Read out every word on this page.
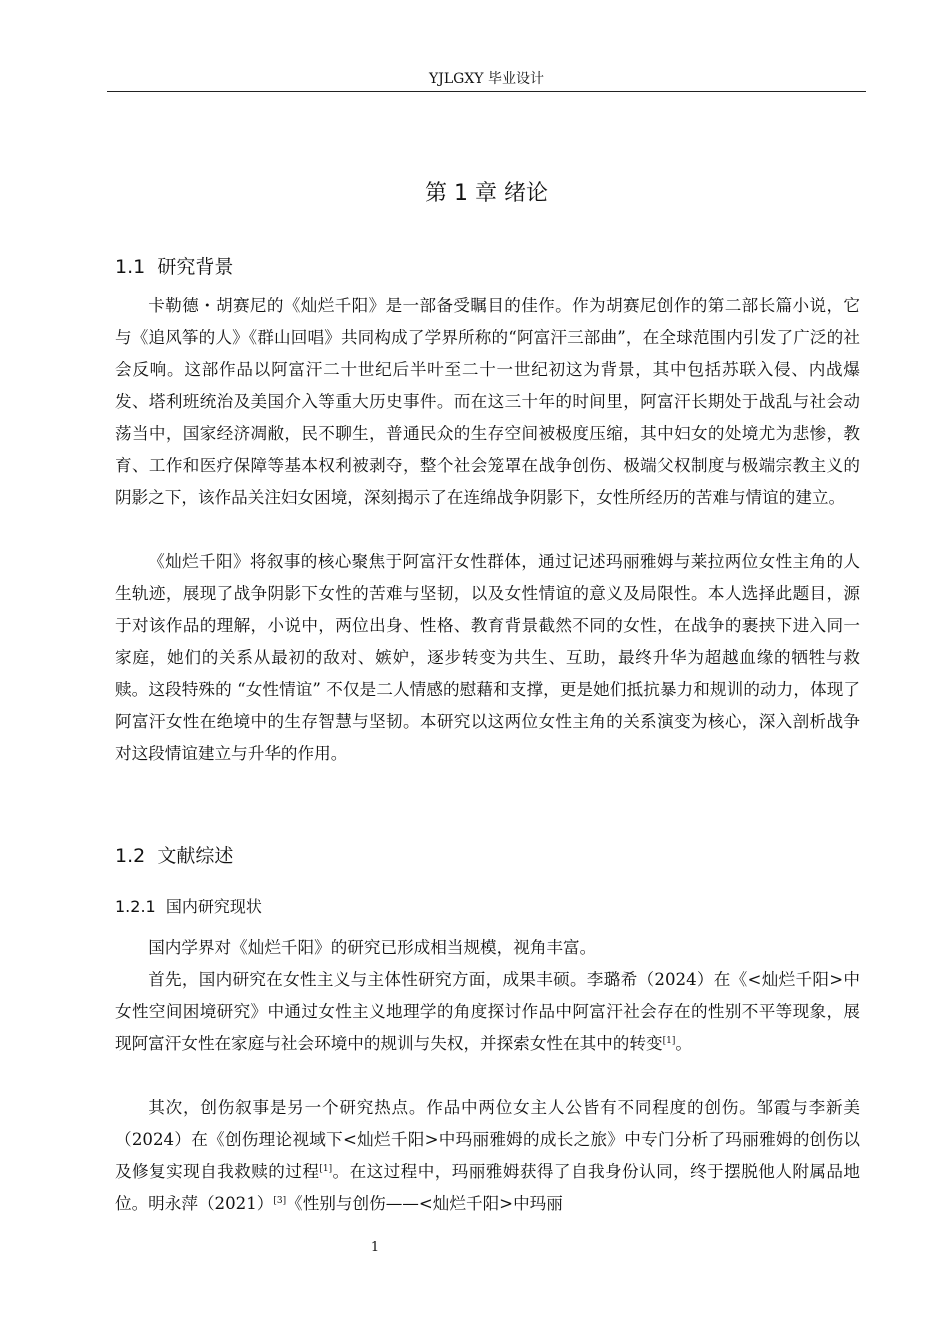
YJLGXY 毕业设计
第 1 章 绪论
1.1 研究背景

卡勒德・胡赛尼的《灿烂千阳》是一部备受瞩目的佳作。作为胡赛尼创作的第二部长篇小说，它与《追风筝的人》《群山回唱》共同构成了学界所称的“阿富汗三部曲”，在全球范围内引发了广泛的社会反响。这部作品以阿富汗二十世纪后半叶至二十一世纪初这为背景，其中包括苏联入侵、内战爆发、塔利班统治及美国介入等重大历史事件。而在这三十年的时间里，阿富汗长期处于战乱与社会动荡当中，国家经济凋敝，民不聊生，普通民众的生存空间被极度压缩，其中妇女的处境尤为悲惨，教育、工作和医疗保障等基本权利被剥夺，整个社会笼罩在战争创伤、极端父权制度与极端宗教主义的阴影之下，该作品关注妇女困境，深刻揭示了在连绵战争阴影下，女性所经历的苦难与情谊的建立。

《灿烂千阳》将叙事的核心聚焦于阿富汗女性群体，通过记述玛丽雅姆与莱拉两位女性主角的人生轨迹，展现了战争阴影下女性的苦难与坚韧，以及女性情谊的意义及局限性。本人选择此题目，源于对该作品的理解，小说中，两位出身、性格、教育背景截然不同的女性，在战争的裹挟下进入同一家庭，她们的关系从最初的敌对、嫉妒，逐步转变为共生、互助，最终升华为超越血缘的牺牲与救赎。这段特殊的 “女性情谊” 不仅是二人情感的慰藉和支撑，更是她们抵抗暴力和规训的动力，体现了阿富汗女性在绝境中的生存智慧与坚韧。本研究以这两位女性主角的关系演变为核心，深入剖析战争对这段情谊建立与升华的作用。

1.2 文献综述
1.2.1 国内研究现状

国内学界对《灿烂千阳》的研究已形成相当规模，视角丰富。

首先，国内研究在女性主义与主体性研究方面，成果丰硕。李璐希（2024）在《<灿烂千阳>中女性空间困境研究》中通过女性主义地理学的角度探讨作品中阿富汗社会存在的性别不平等现象，展现阿富汗女性在家庭与社会环境中的规训与失权，并探索女性在其中的转变[1]。

其次，创伤叙事是另一个研究热点。作品中两位女主人公皆有不同程度的创伤。邹霞与李新美（2024）在《创伤理论视域下<灿烂千阳>中玛丽雅姆的成长之旅》中专门分析了玛丽雅姆的创伤以及修复实现自我救赎的过程[1]。在这过程中，玛丽雅姆获得了自我身份认同，终于摆脱他人附属品地位。明永萍（2021）[3]《性别与创伤——<灿烂千阳>中玛丽

1
